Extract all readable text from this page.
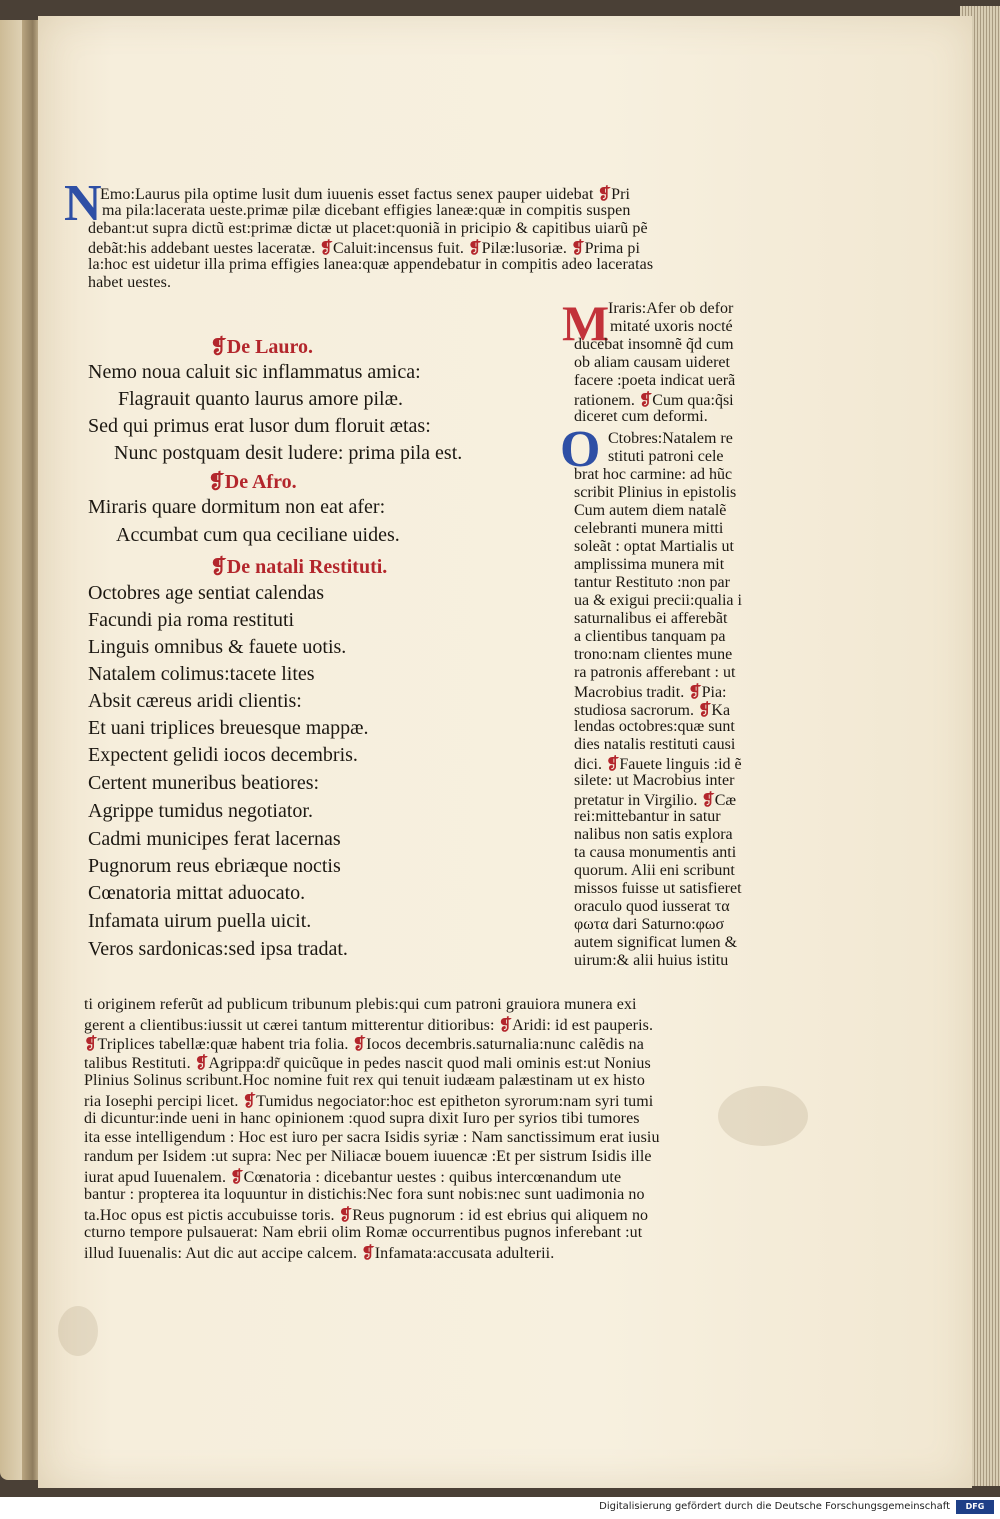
N
Emo:Laurus pila optime lusit dum iuuenis esset factus senex pauper uidebat ❡Pri
ma pila:lacerata ueste.primæ pilæ dicebant effigies laneæ:quæ in compitis suspen
debant:ut supra dictũ est:primæ dictæ ut placet:quoniã in pricipio & capitibus uiarũ pẽ
debãt:his addebant uestes laceratæ. ❡Caluit:incensus fuit. ❡Pilæ:lusoriæ. ❡Prima pi
la:hoc est uidetur illa prima effigies lanea:quæ appendebatur in compitis adeo laceratas
habet uestes.
❡De Lauro.
Nemo noua caluit sic inflammatus amica:
Flagrauit quanto laurus amore pilæ.
Sed qui primus erat lusor dum floruit ætas:
Nunc postquam desit ludere: prima pila est.
❡De Afro.
Miraris quare dormitum non eat afer:
Accumbat cum qua ceciliane uides.
❡De natali Restituti.
Octobres age sentiat calendas
Facundi pia roma restituti
Linguis omnibus & fauete uotis.
Natalem colimus:tacete lites
Absit cæreus aridi clientis:
Et uani triplices breuesque mappæ.
Expectent gelidi iocos decembris.
Certent muneribus beatiores:
Agrippe tumidus negotiator.
Cadmi municipes ferat lacernas
Pugnorum reus ebriæque noctis
Cœnatoria mittat aduocato.
Infamata uirum puella uicit.
Veros sardonicas:sed ipsa tradat.
M
Iraris:Afer ob defor
mitaté uxoris nocté
ducebat insomnẽ q̃d cum
ob aliam causam uideret
facere :poeta indicat uerã
rationem. ❡Cum qua:q̃si
diceret cum deformi.
O Ctobres:Natalem re
stituti patroni cele
brat hoc carmine: ad hũc
scribit Plinius in epistolis
Cum autem diem natalẽ
celebranti munera mitti
soleãt : optat Martialis ut
amplissima munera mit
tantur Restituto :non par
ua & exigui precii:qualia i
saturnalibus ei afferebãt
a clientibus tanquam pa
trono:nam clientes mune
ra patronis afferebant : ut
Macrobius tradit. ❡Pia:
studiosa sacrorum. ❡Ka
lendas octobres:quæ sunt
dies natalis restituti causi
dici. ❡Fauete linguis :id ẽ
silete: ut Macrobius inter
pretatur in Virgilio. ❡Cæ
rei:mittebantur in satur
nalibus non satis explora
ta causa monumentis anti
quorum. Alii eni scribunt
missos fuisse ut satisfieret
oraculo quod iusserat τα
φωτα dari Saturno:φωσ
autem significat lumen &
uirum:& alii huius istitu
ti originem referũt ad publicum tribunum plebis:qui cum patroni grauiora munera exi
gerent a clientibus:iussit ut cærei tantum mitterentur ditioribus: ❡Aridi: id est pauperis.
❡Triplices tabellæ:quæ habent tria folia. ❡Iocos decembris.saturnalia:nunc calẽdis na
talibus Restituti. ❡Agrippa:dr̃ quicũque in pedes nascit quod mali ominis est:ut Nonius
Plinius Solinus scribunt.Hoc nomine fuit rex qui tenuit iudæam palæstinam ut ex histo
ria Iosephi percipi licet. ❡Tumidus negociator:hoc est epitheton syrorum:nam syri tumi
di dicuntur:inde ueni in hanc opinionem :quod supra dixit Iuro per syrios tibi tumores
ita esse intelligendum : Hoc est iuro per sacra Isidis syriæ : Nam sanctissimum erat iusiu
randum per Isidem :ut supra: Nec per Niliacæ bouem iuuencæ :Et per sistrum Isidis ille
iurat apud Iuuenalem. ❡Cœnatoria : dicebantur uestes : quibus intercœnandum ute
bantur : propterea ita loquuntur in distichis:Nec fora sunt nobis:nec sunt uadimonia no
ta.Hoc opus est pictis accubuisse toris. ❡Reus pugnorum : id est ebrius qui aliquem no
cturno tempore pulsauerat: Nam ebrii olim Romæ occurrentibus pugnos inferebant :ut
illud Iuuenalis: Aut dic aut accipe calcem. ❡Infamata:accusata adulterii.
Digitalisierung gefördert durch die Deutsche Forschungsgemeinschaft	DFG
